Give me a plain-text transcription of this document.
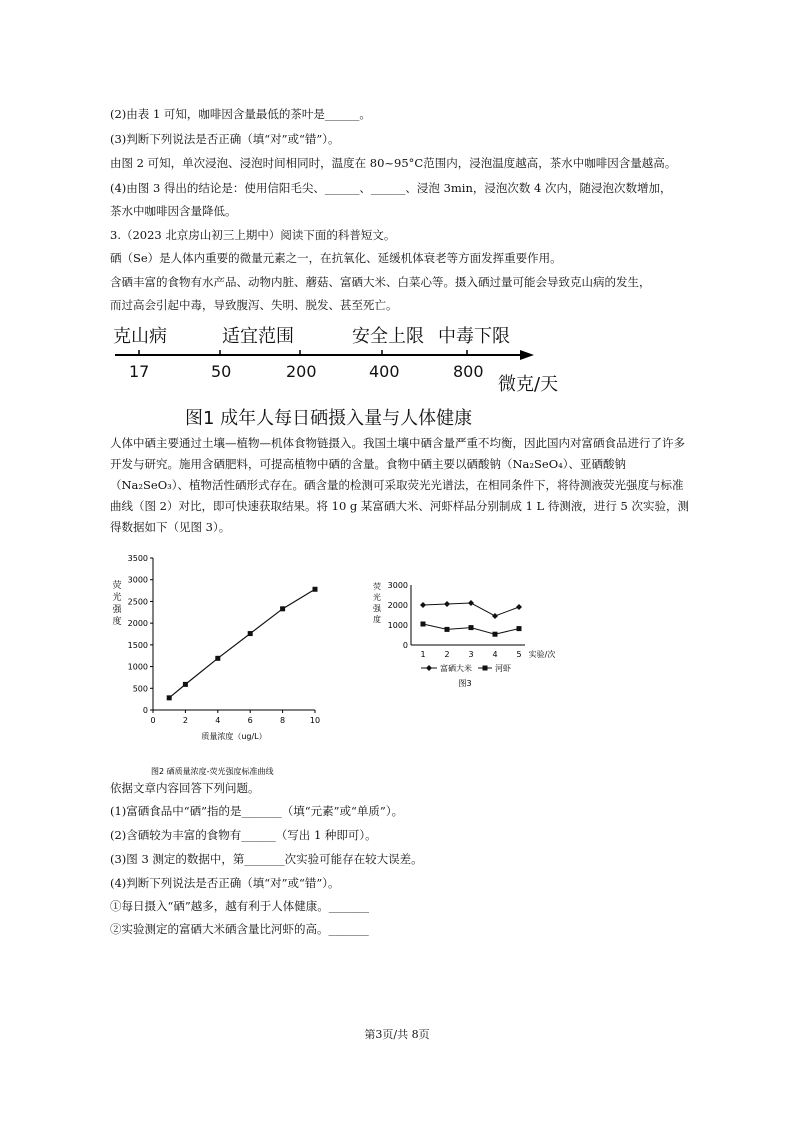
(2)由表 1 可知，咖啡因含量最低的茶叶是______。
(3)判断下列说法是否正确（填“对”或“错”）。
由图 2 可知，单次浸泡、浸泡时间相同时，温度在 80~95°C范围内，浸泡温度越高，茶水中咖啡因含量越高。
(4)由图 3 得出的结论是：使用信阳毛尖、______、______、浸泡 3min，浸泡次数 4 次内，随浸泡次数增加，
茶水中咖啡因含量降低。
3.（2023 北京房山初三上期中）阅读下面的科普短文。
硒（Se）是人体内重要的微量元素之一，在抗氧化、延缓机体衰老等方面发挥重要作用。
含硒丰富的食物有水产品、动物内脏、蘑菇、富硒大米、白菜心等。摄入硒过量可能会导致克山病的发生，
而过高会引起中毒，导致腹泻、失明、脱发、甚至死亡。
克山病	适宜范围	安全上限 中毒下限
17	50	200	400	800
微克/天
图1 成年人每日硒摄入量与人体健康
人体中硒主要通过土壤—植物—机体食物链摄入。我国土壤中硒含量严重不均衡，因此国内对富硒食品进行了许多开发与研究。施用含硒肥料，可提高植物中硒的含量。食物中硒主要以硒酸钠（Na₂SeO₄）、亚硒酸钠（Na₂SeO₃）、植物活性硒形式存在。硒含量的检测可采取荧光光谱法，在相同条件下，将待测液荧光强度与标准曲线（图 2）对比，即可快速获取结果。将 10 g 某富硒大米、河虾样品分别制成 1 L 待测液，进行 5 次实验，测得数据如下（见图 3）。
0
500
1000
1500
2000
2500
3000
3500
0	2	4	6	8	10
荧
光
强
度
质量浓度（ug/L）
图2 硒质量浓度-荧光强度标准曲线
0
1000
2000
3000
1 2 3 4 5 实验/次
荧
光
强
度
富硒大米	河虾
图3
依据文章内容回答下列问题。
(1)富硒食品中“硒”指的是_______（填“元素”或“单质”）。
(2)含硒较为丰富的食物有______（写出 1 种即可）。
(3)图 3 测定的数据中，第_______次实验可能存在较大误差。
(4)判断下列说法是否正确（填“对”或“错”）。
①每日摄入“硒”越多，越有利于人体健康。_______
②实验测定的富硒大米硒含量比河虾的高。_______
第3页/共 8页
